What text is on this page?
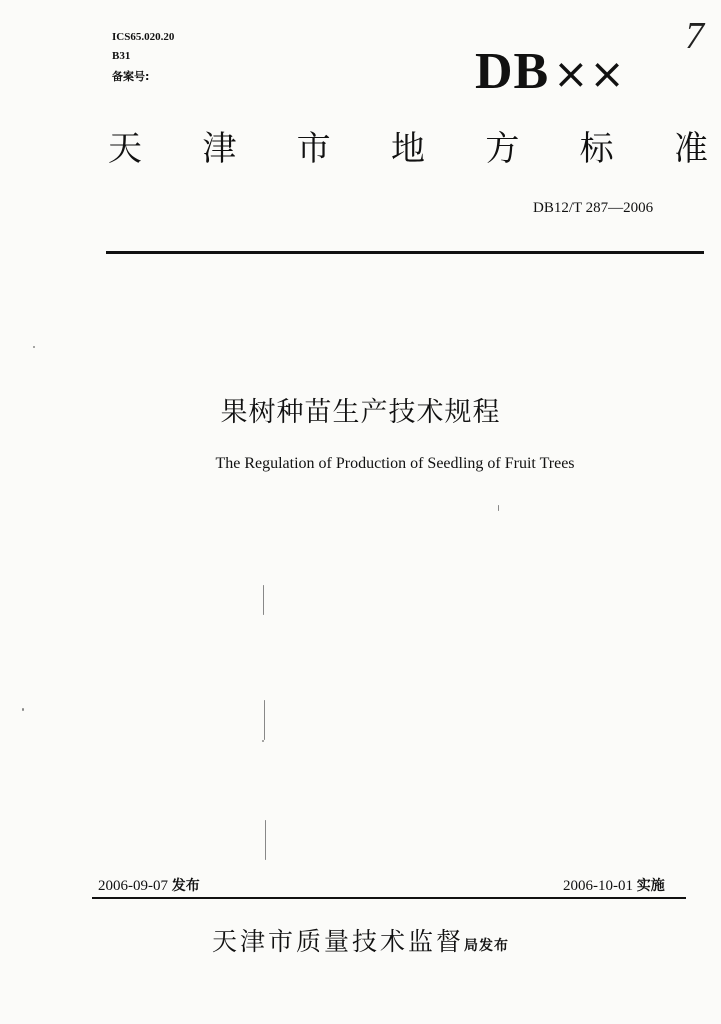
ICS65.020.20
B31
备案号:
7
DB××
天 津 市 地 方 标 准
DB12/T 287—2006
果树种苗生产技术规程
The Regulation of Production of Seedling of Fruit Trees
2006-09-07 发布	2006-10-01 实施
天津市质量技术监督局发布
